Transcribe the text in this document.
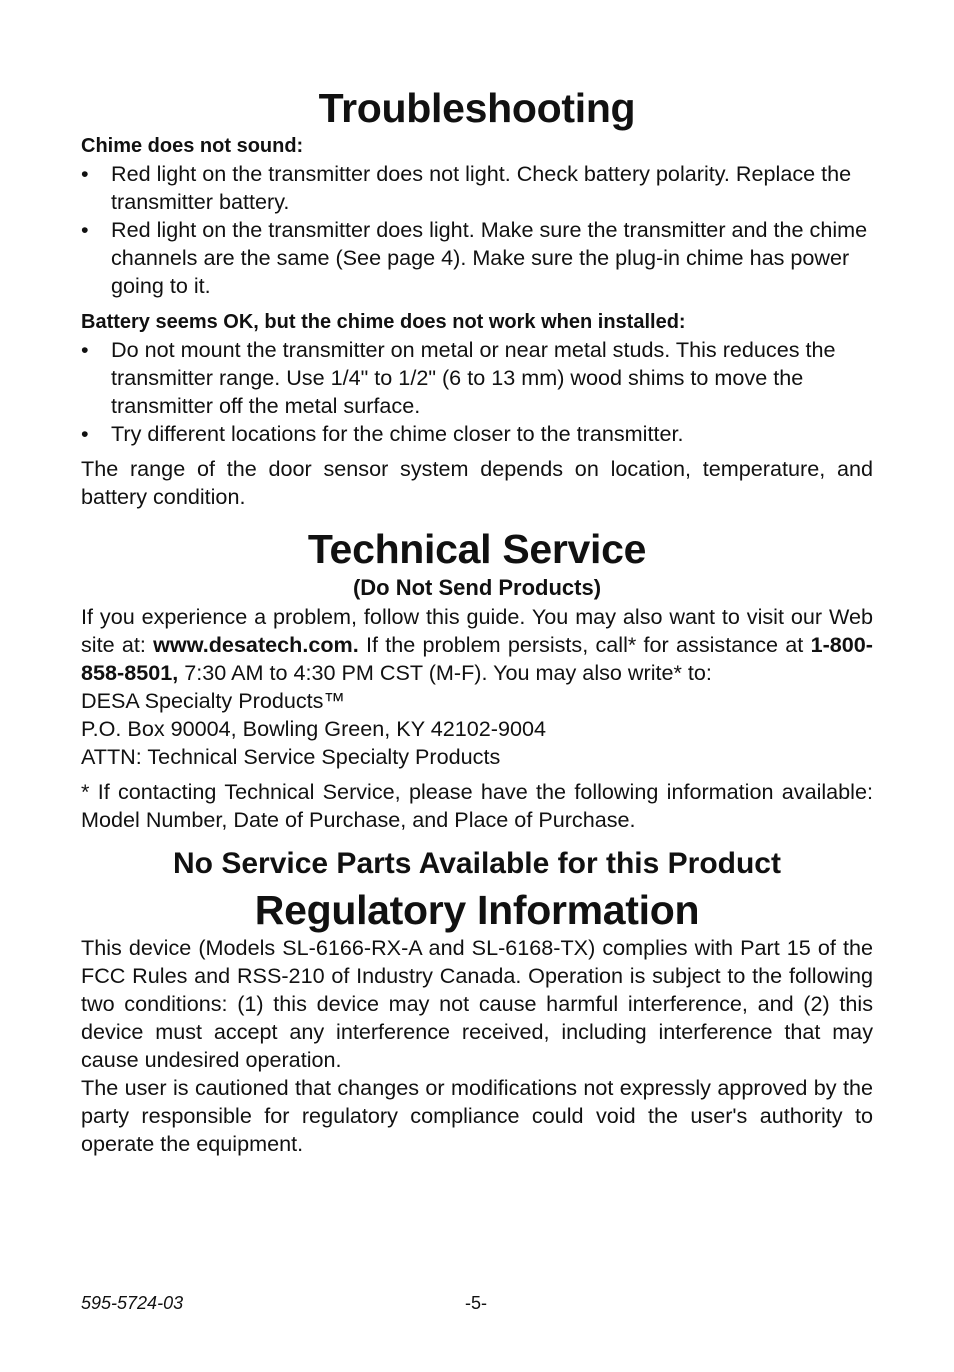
Troubleshooting
Chime does not sound:
• Red light on the transmitter does not light. Check battery polarity. Replace the transmitter battery.
• Red light on the transmitter does light. Make sure the transmitter and the chime channels are the same (See page 4). Make sure the plug-in chime has power going to it.
Battery seems OK, but the chime does not work when installed:
• Do not mount the transmitter on metal or near metal studs. This reduces the transmitter range. Use 1/4" to 1/2" (6 to 13 mm) wood shims to move the transmitter off the metal surface.
• Try different locations for the chime closer to the transmitter.

The range of the door sensor system depends on location, temperature, and battery condition.

Technical Service
(Do Not Send Products)

If you experience a problem, follow this guide. You may also want to visit our Web site at: www.desatech.com. If the problem persists, call* for assistance at 1-800-858-8501, 7:30 AM to 4:30 PM CST (M-F). You may also write* to:

DESA Specialty Products™
P.O. Box 90004, Bowling Green, KY 42102-9004
ATTN: Technical Service Specialty Products

* If contacting Technical Service, please have the following information available: Model Number, Date of Purchase, and Place of Purchase.

No Service Parts Available for this Product
Regulatory Information

This device (Models SL-6166-RX-A and SL-6168-TX) complies with Part 15 of the FCC Rules and RSS-210 of Industry Canada. Operation is subject to the following two conditions: (1) this device may not cause harmful interference, and (2) this device must accept any interference received, including interference that may cause undesired operation.

The user is cautioned that changes or modifications not expressly approved by the party responsible for regulatory compliance could void the user's authority to operate the equipment.

595-5724-03	-5-
